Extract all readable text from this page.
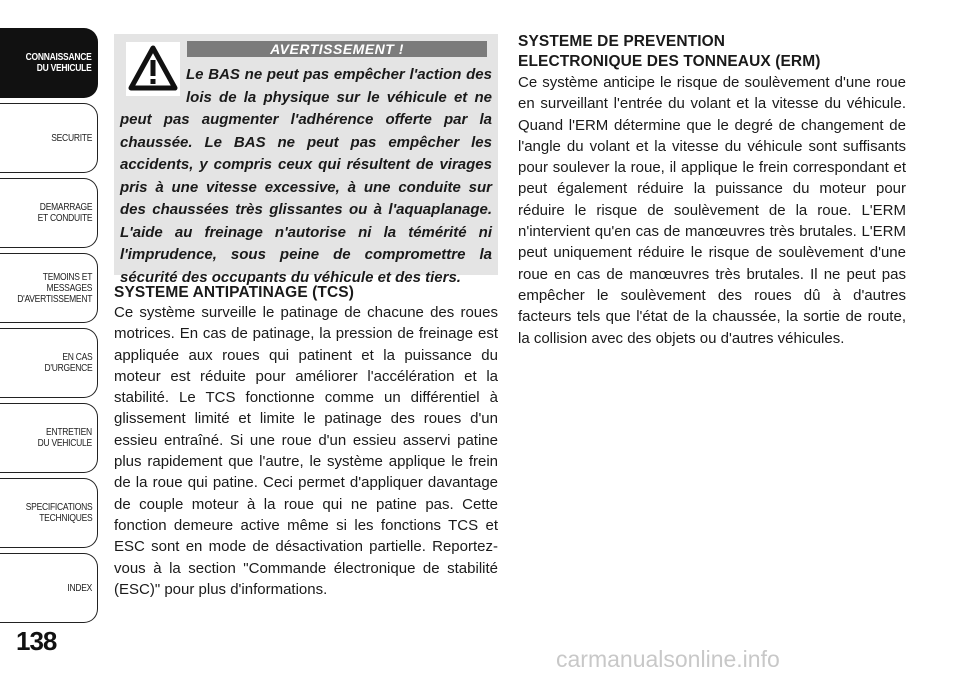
CONNAISSANCE
DU VEHICULE
SECURITE
DEMARRAGE
ET CONDUITE
TEMOINS ET
MESSAGES
D'AVERTISSEMENT
EN CAS
D'URGENCE
ENTRETIEN
DU VEHICULE
SPECIFICATIONS
TECHNIQUES
INDEX
138
AVERTISSEMENT !
Le BAS ne peut pas empêcher l'action des lois de la physique sur le véhicule et ne peut pas augmenter l'adhérence offerte par la chaussée. Le BAS ne peut pas empêcher les accidents, y compris ceux qui résultent de virages pris à une vitesse excessive, à une conduite sur des chaussées très glissantes ou à l'aquaplanage. L'aide au freinage n'autorise ni la témérité ni l'imprudence, sous peine de compromettre la sécurité des occupants du véhicule et des tiers.
SYSTEME ANTIPATINAGE (TCS)

Ce système surveille le patinage de chacune des roues motrices. En cas de patinage, la pression de freinage est appliquée aux roues qui patinent et la puissance du moteur est réduite pour améliorer l'accélération et la stabilité. Le TCS fonctionne comme un différentiel à glissement limité et limite le patinage des roues d'un essieu entraîné. Si une roue d'un essieu asservi patine plus rapidement que l'autre, le système applique le frein de la roue qui patine. Ceci permet d'appliquer davantage de couple moteur à la roue qui ne patine pas. Cette fonction demeure active même si les fonctions TCS et ESC sont en mode de désactivation partielle. Reportez-vous à la section "Commande électronique de stabilité (ESC)" pour plus d'informations.

SYSTEME DE PREVENTION
ELECTRONIQUE DES TONNEAUX (ERM)

Ce système anticipe le risque de soulèvement d'une roue en surveillant l'entrée du volant et la vitesse du véhicule. Quand l'ERM détermine que le degré de changement de l'angle du volant et la vitesse du véhicule sont suffisants pour soulever la roue, il applique le frein correspondant et peut également réduire la puissance du moteur pour réduire le risque de soulèvement de la roue. L'ERM n'intervient qu'en cas de manœuvres très brutales. L'ERM peut uniquement réduire le risque de soulèvement d'une roue en cas de manœuvres très brutales. Il ne peut pas empêcher le soulèvement des roues dû à d'autres facteurs tels que l'état de la chaussée, la sortie de route, la collision avec des objets ou d'autres véhicules.

carmanualsonline.info
